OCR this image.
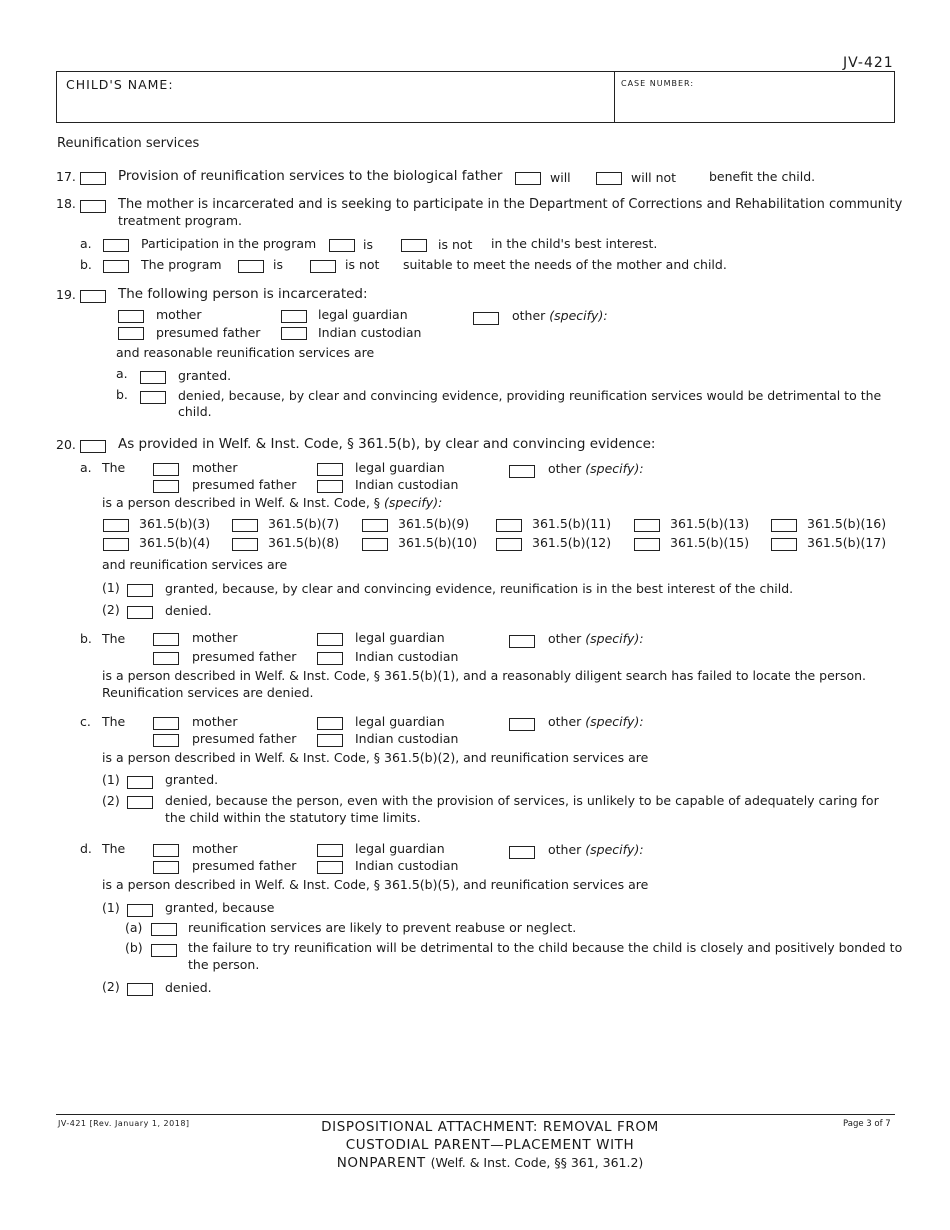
JV-421
CHILD'S NAME:	CASE NUMBER:
Reunification services
17.	Provision of reunification services to the biological father	will	will not	benefit the child.
18.	The mother is incarcerated and is seeking to participate in the Department of Corrections and Rehabilitation community
treatment program.
a.	Participation in the program	is	is not in the child's best interest.
b.	The program	is	is not suitable to meet the needs of the mother and child.
19.	The following person is incarcerated:
mother	legal guardian	other (specify):
presumed father	Indian custodian
and reasonable reunification services are
a.	granted.
b.	denied, because, by clear and convincing evidence, providing reunification services would be detrimental to the
child.
20.	As provided in Welf. & Inst. Code, § 361.5(b), by clear and convincing evidence:
a. The	mother	legal guardian	other (specify):
presumed father	Indian custodian
is a person described in Welf. & Inst. Code, § (specify):
361.5(b)(3)	361.5(b)(7)	361.5(b)(9)	361.5(b)(11)	361.5(b)(13)	361.5(b)(16)
361.5(b)(4)	361.5(b)(8)	361.5(b)(10)	361.5(b)(12)	361.5(b)(15)	361.5(b)(17)
and reunification services are
(1)	granted, because, by clear and convincing evidence, reunification is in the best interest of the child.
(2)	denied.
b. The	mother	legal guardian	other (specify):
presumed father	Indian custodian
is a person described in Welf. & Inst. Code, § 361.5(b)(1), and a reasonably diligent search has failed to locate the person.
Reunification services are denied.
c. The	mother	legal guardian	other (specify):
presumed father	Indian custodian
is a person described in Welf. & Inst. Code, § 361.5(b)(2), and reunification services are
(1)	granted.
(2)	denied, because the person, even with the provision of services, is unlikely to be capable of adequately caring for
the child within the statutory time limits.
d. The	mother	legal guardian	other (specify):
presumed father	Indian custodian
is a person described in Welf. & Inst. Code, § 361.5(b)(5), and reunification services are
(1)	granted, because
(a)	reunification services are likely to prevent reabuse or neglect.
(b)	the failure to try reunification will be detrimental to the child because the child is closely and positively bonded to
the person.
(2)	denied.
JV-421 [Rev. January 1, 2018]	DISPOSITIONAL ATTACHMENT: REMOVAL FROM
CUSTODIAL PARENT—PLACEMENT WITH
NONPARENT (Welf. & Inst. Code, §§ 361, 361.2)
Page 3 of 7
